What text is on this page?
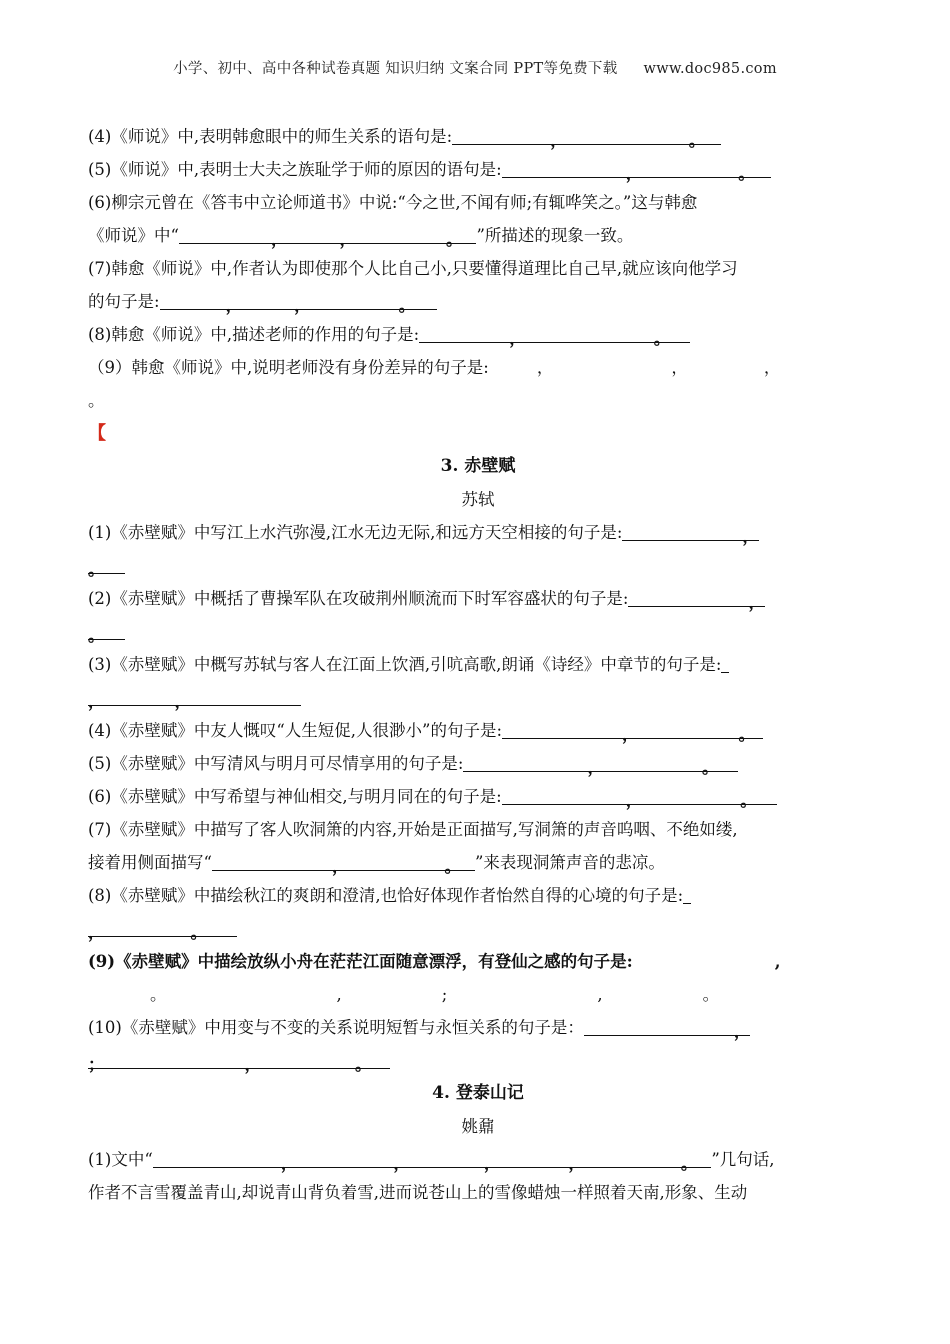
小学、初中、高中各种试卷真题 知识归纳 文案合同 PPT等免费下载 www.doc985.com
(4)《师说》中,表明韩愈眼中的师生关系的语句是:	，	。
(5)《师说》中,表明士大夫之族耻学于师的原因的语句是:	，	。
(6)柳宗元曾在《答韦中立论师道书》中说:“今之世,不闻有师;有辄哗笑之。”这与韩愈
《师说》中“	，	，	。 ”所描述的现象一致。
(7)韩愈《师说》中,作者认为即使那个人比自己小,只要懂得道理比自己早,就应该向他学习
的句子是:	，	，	。
(8)韩愈《师说》中,描述老师的作用的句子是:	，	。
（9）韩愈《师说》中,说明老师没有身份差异的句子是:	，	，	，
。
【
3. 赤壁赋
苏轼
(1)《赤壁赋》中写江上水汽弥漫,江水无边无际,和远方天空相接的句子是:	，
。
(2)《赤壁赋》中概括了曹操军队在攻破荆州顺流而下时军容盛状的句子是:	，
。
(3)《赤壁赋》中概写苏轼与客人在江面上饮酒,引吭高歌,朗诵《诗经》中章节的句子是:
，	，
(4)《赤壁赋》中友人慨叹“人生短促,人很渺小”的句子是:	，	。
(5)《赤壁赋》中写清风与明月可尽情享用的句子是:	，	。
(6)《赤壁赋》中写希望与神仙相交,与明月同在的句子是:	，	。
(7)《赤壁赋》中描写了客人吹洞箫的内容,开始是正面描写,写洞箫的声音呜咽、不绝如缕,
接着用侧面描写“	，	。 ”来表现洞箫声音的悲凉。
(8)《赤壁赋》中描绘秋江的爽朗和澄清,也恰好体现作者怡然自得的心境的句子是:
，	。
(9)《赤壁赋》中描绘放纵小舟在茫茫江面随意漂浮，有登仙之感的句子是:	,
。	,	;	,	。
(10)《赤壁赋》中用变与不变的关系说明短暂与永恒关系的句子是：	，
；	，	。
4. 登泰山记
姚鼐
(1)文中“	，	，	，	，	。 ”几句话,
作者不言雪覆盖青山,却说青山背负着雪,进而说苍山上的雪像蜡烛一样照着天南,形象、生动
